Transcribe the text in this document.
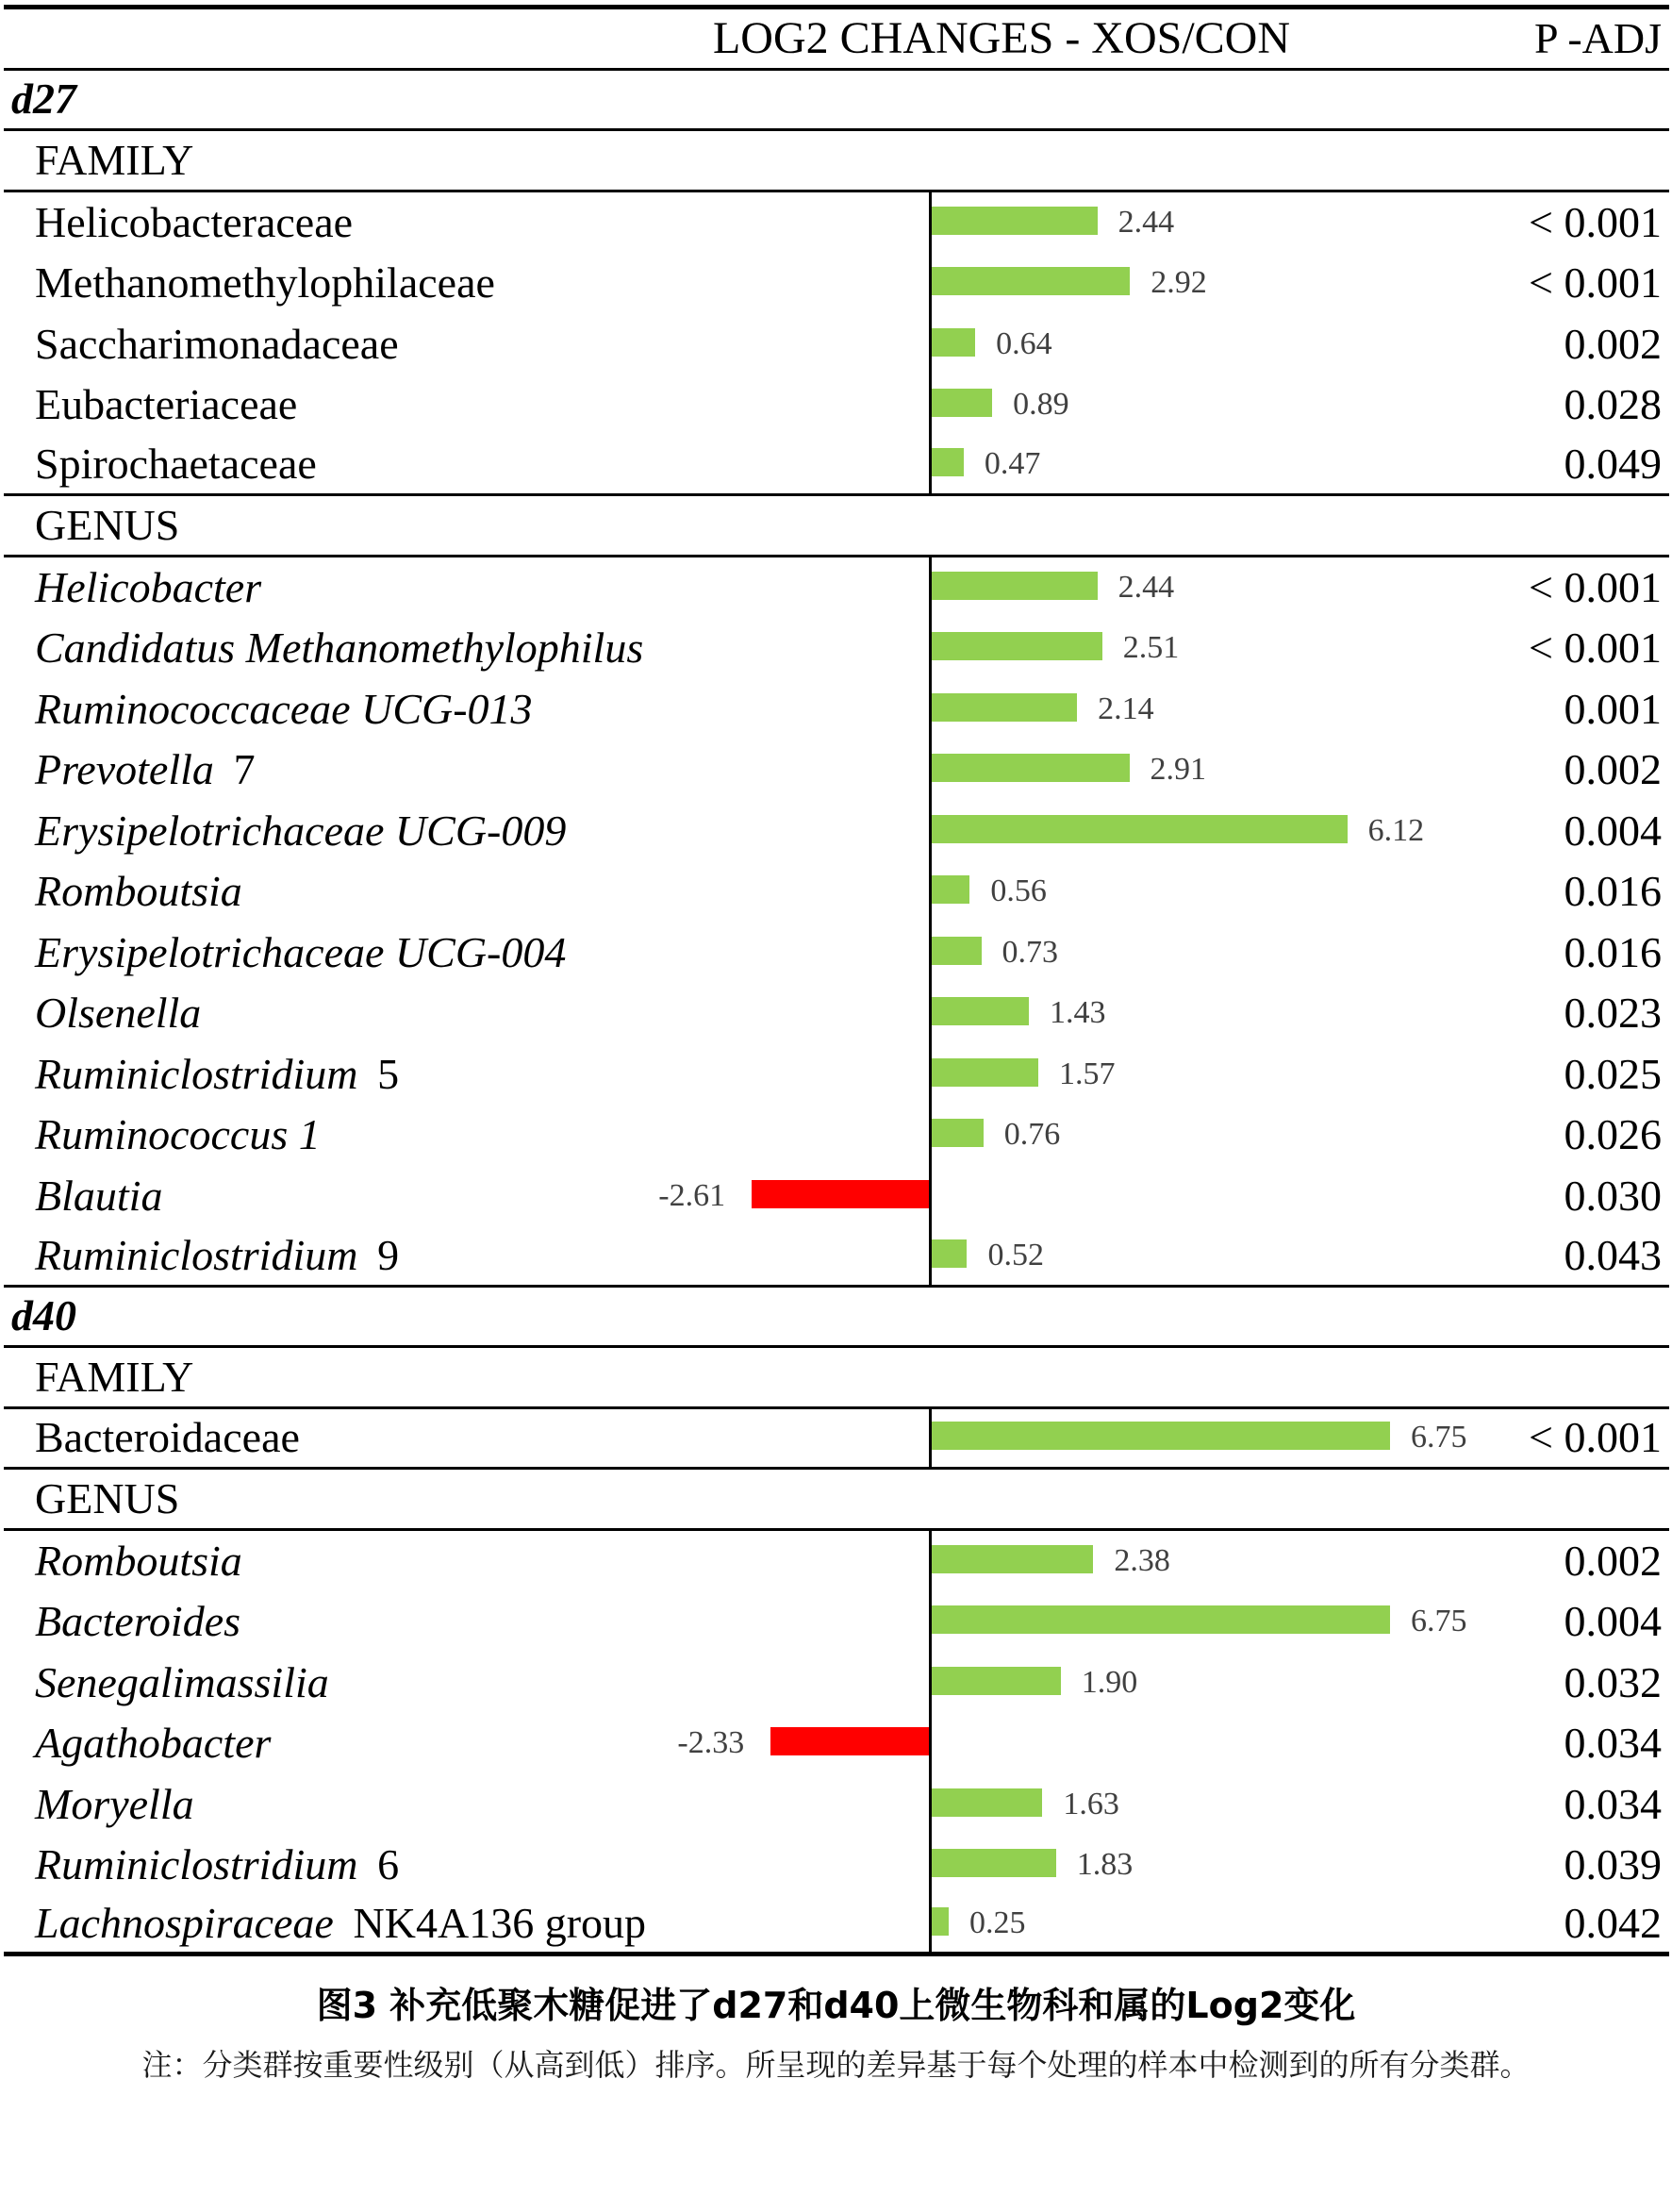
LOG2 CHANGES - XOS/CON	P -ADJ
d27
FAMILY
Helicobacteraceae	2.44	< 0.001
Methanomethylophilaceae	2.92	< 0.001
Saccharimonadaceae	0.64	0.002
Eubacteriaceae	0.89	0.028
Spirochaetaceae	0.47	0.049
GENUS
Helicobacter	2.44	< 0.001
Candidatus Methanomethylophilus	2.51	< 0.001
Ruminococcaceae UCG-013	2.14	0.001
Prevotella 7	2.91	0.002
Erysipelotrichaceae UCG-009	6.12	0.004
Romboutsia	0.56	0.016
Erysipelotrichaceae UCG-004	0.73	0.016
Olsenella	1.43	0.023
Ruminiclostridium 5	1.57	0.025
Ruminococcus 1	0.76	0.026
Blautia	-2.61	0.030
Ruminiclostridium 9	0.52	0.043
d40
FAMILY
Bacteroidaceae	6.75 < 0.001
GENUS
Romboutsia	2.38	0.002
Bacteroides	6.75 0.004
Senegalimassilia	1.90	0.032
Agathobacter	-2.33	0.034
Moryella	1.63	0.034
Ruminiclostridium 6	1.83	0.039
Lachnospiraceae NK4A136 group	0.25	0.042
图3 补充低聚木糖促进了d27和d40上微生物科和属的Log2变化
注：分类群按重要性级别（从高到低）排序。所呈现的差异基于每个处理的样本中检测到的所有分类群。
